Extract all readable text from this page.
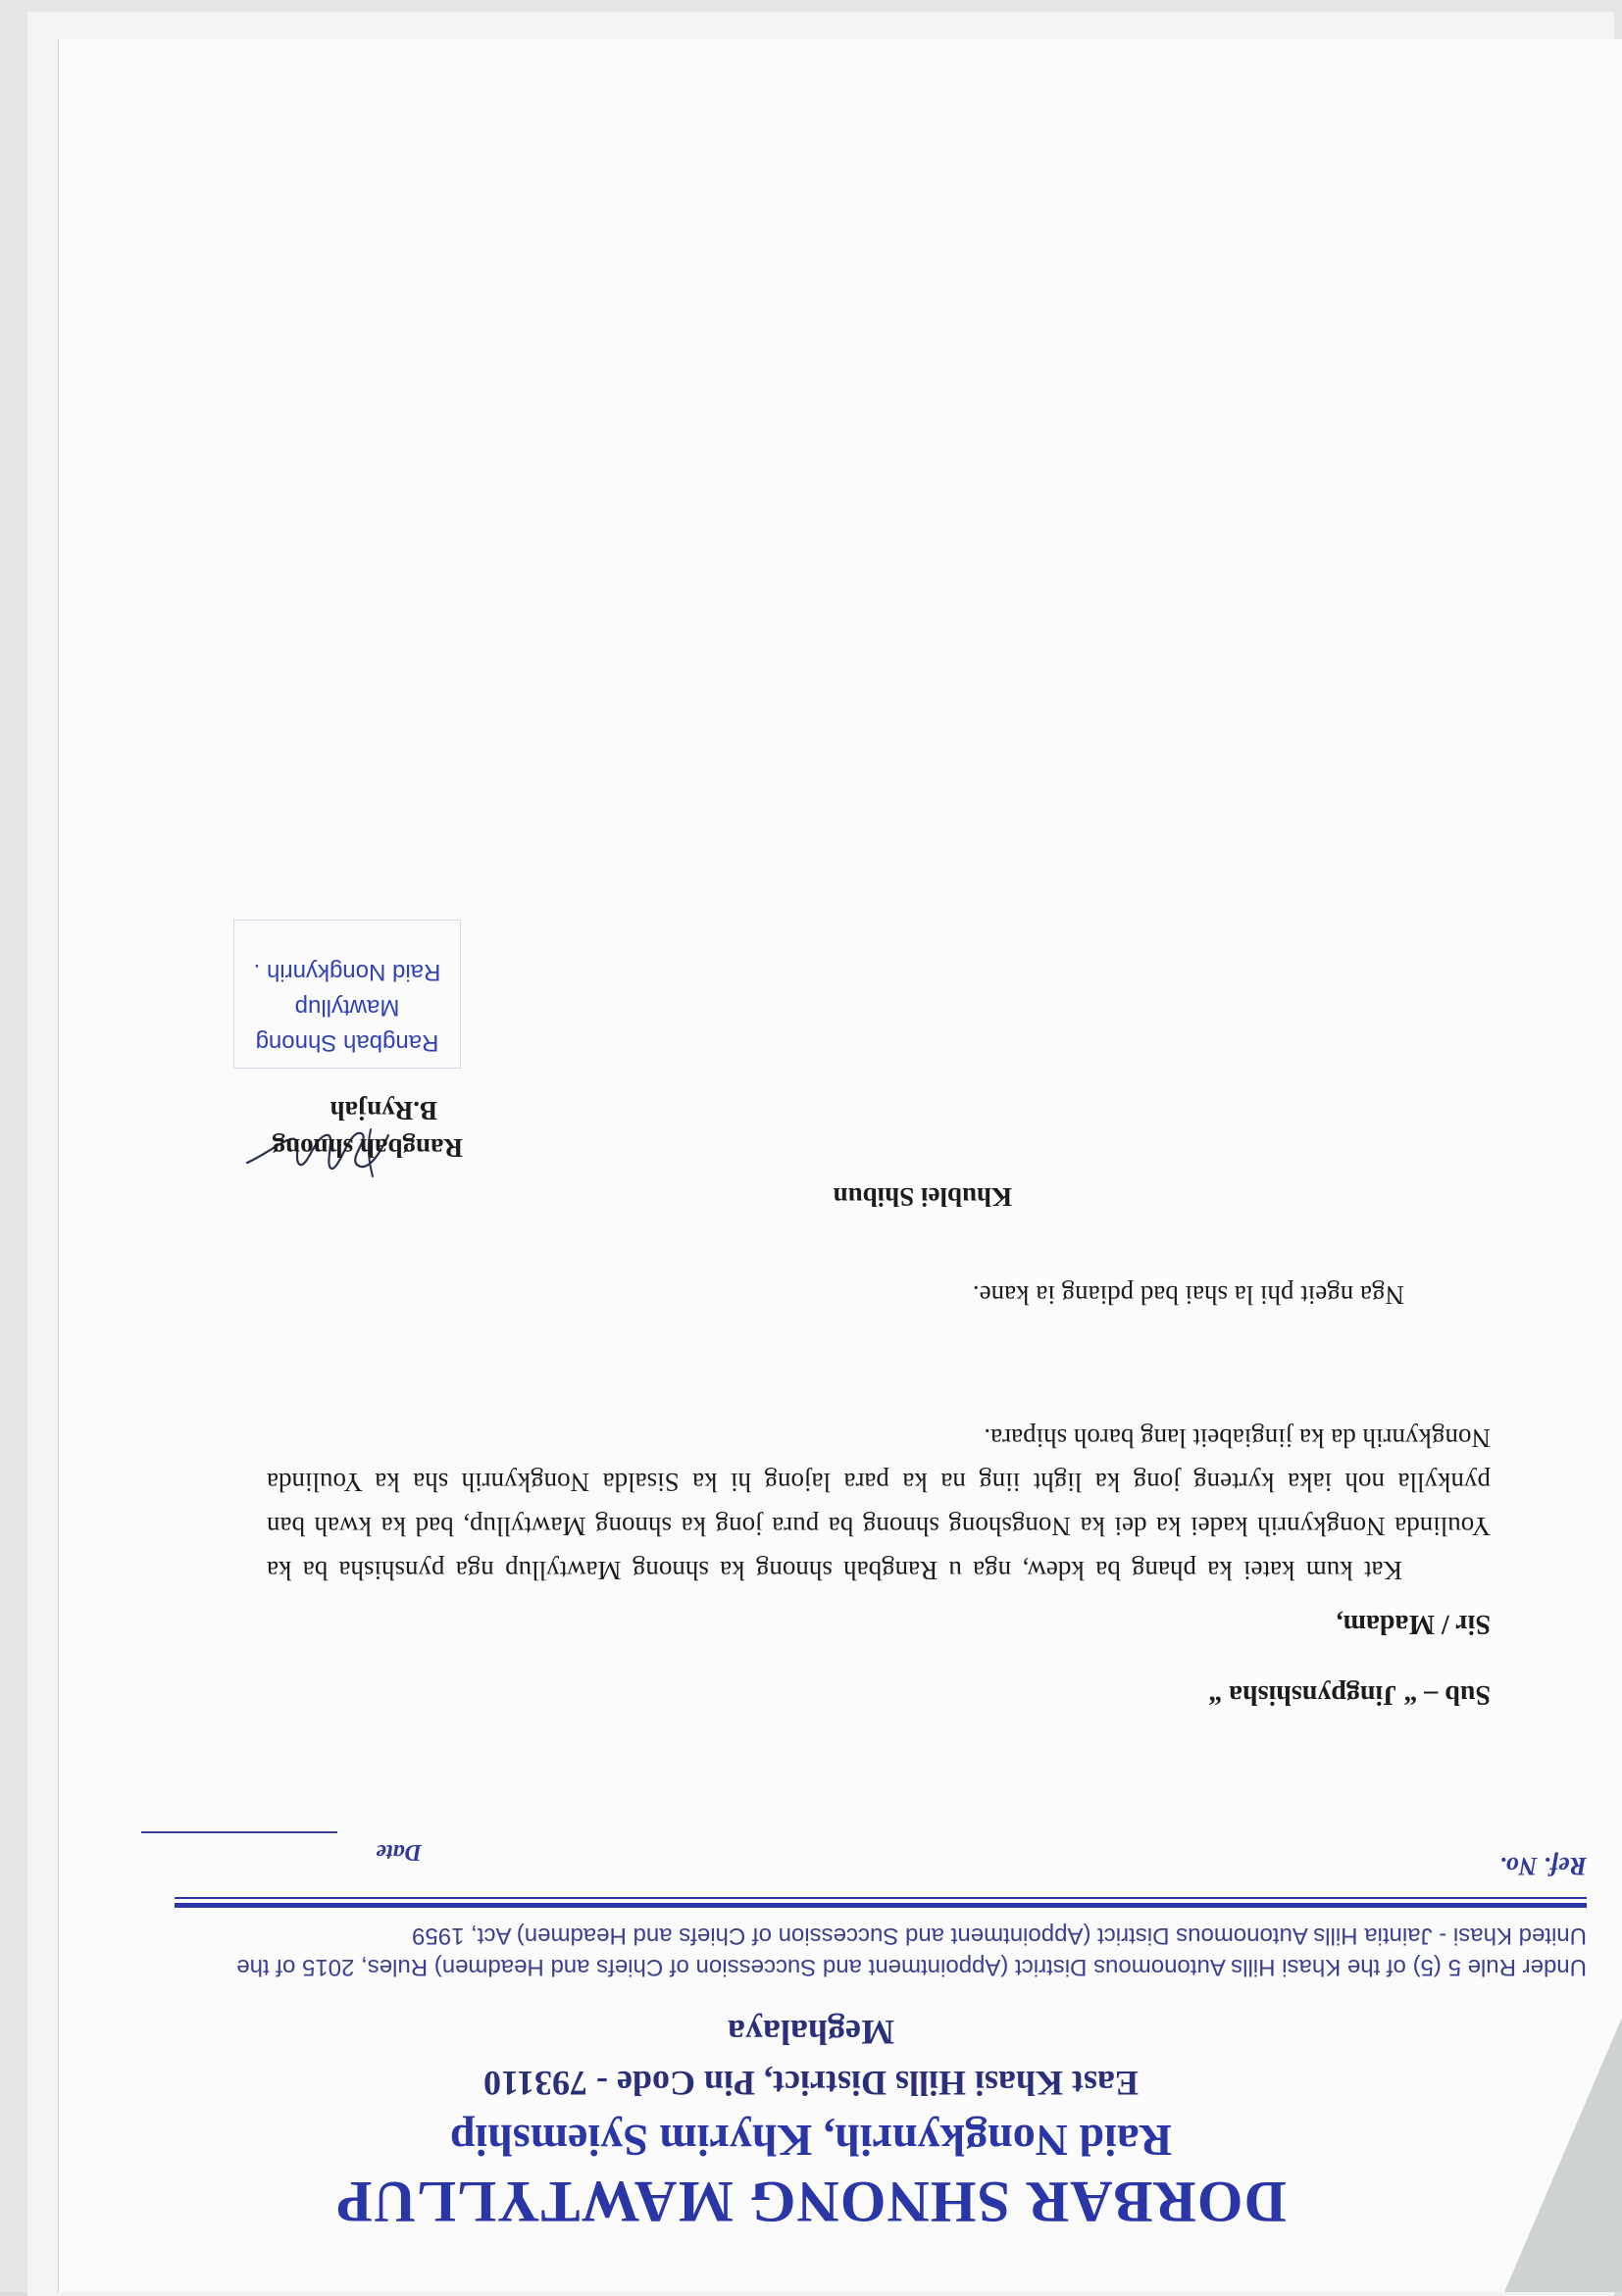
DORBAR SHNONG MAWTYLLUP
Raid Nongkynrih, Khyrim Syiemship
East Khasi Hills District, Pin Code - 793110
Meghalaya
Under Rule 5 (5) of the Khasi Hills Autonomous District (Appointment and Succession of Chiefs and Headmen) Rules, 2015 of the United Khasi - Jaintia Hills Autonomous District (Appointment and Succession of Chiefs and Headmen) Act, 1959
Ref. No.
Date
Sub – “ Jingpynshisha “
Sir / Madam,

Kat kum katei ka phang ba kdew, nga u Rangbah shnong ka shnong Mawtyllup nga pynshisha ba ka Youlinda Nongkynrih kadei ka dei ka Nongshong shnong ba pura jong ka shnong Mawtyllup, bad ka kwah ban pynkylla noh iaka kyrteng jong ka light iing na ka para lajong hi ka Sisalda Nongkynrih sha ka Youlinda Nongkynrih da ka jingiabeit lang baroh shipara.

Nga ngeit phi la shai bad pdiang ia kane.
Khublei Shibun
Rangbah shnong
B.Rynjah
Rangbah Shnong
Mawtyllup
Raid Nongkynrih .
